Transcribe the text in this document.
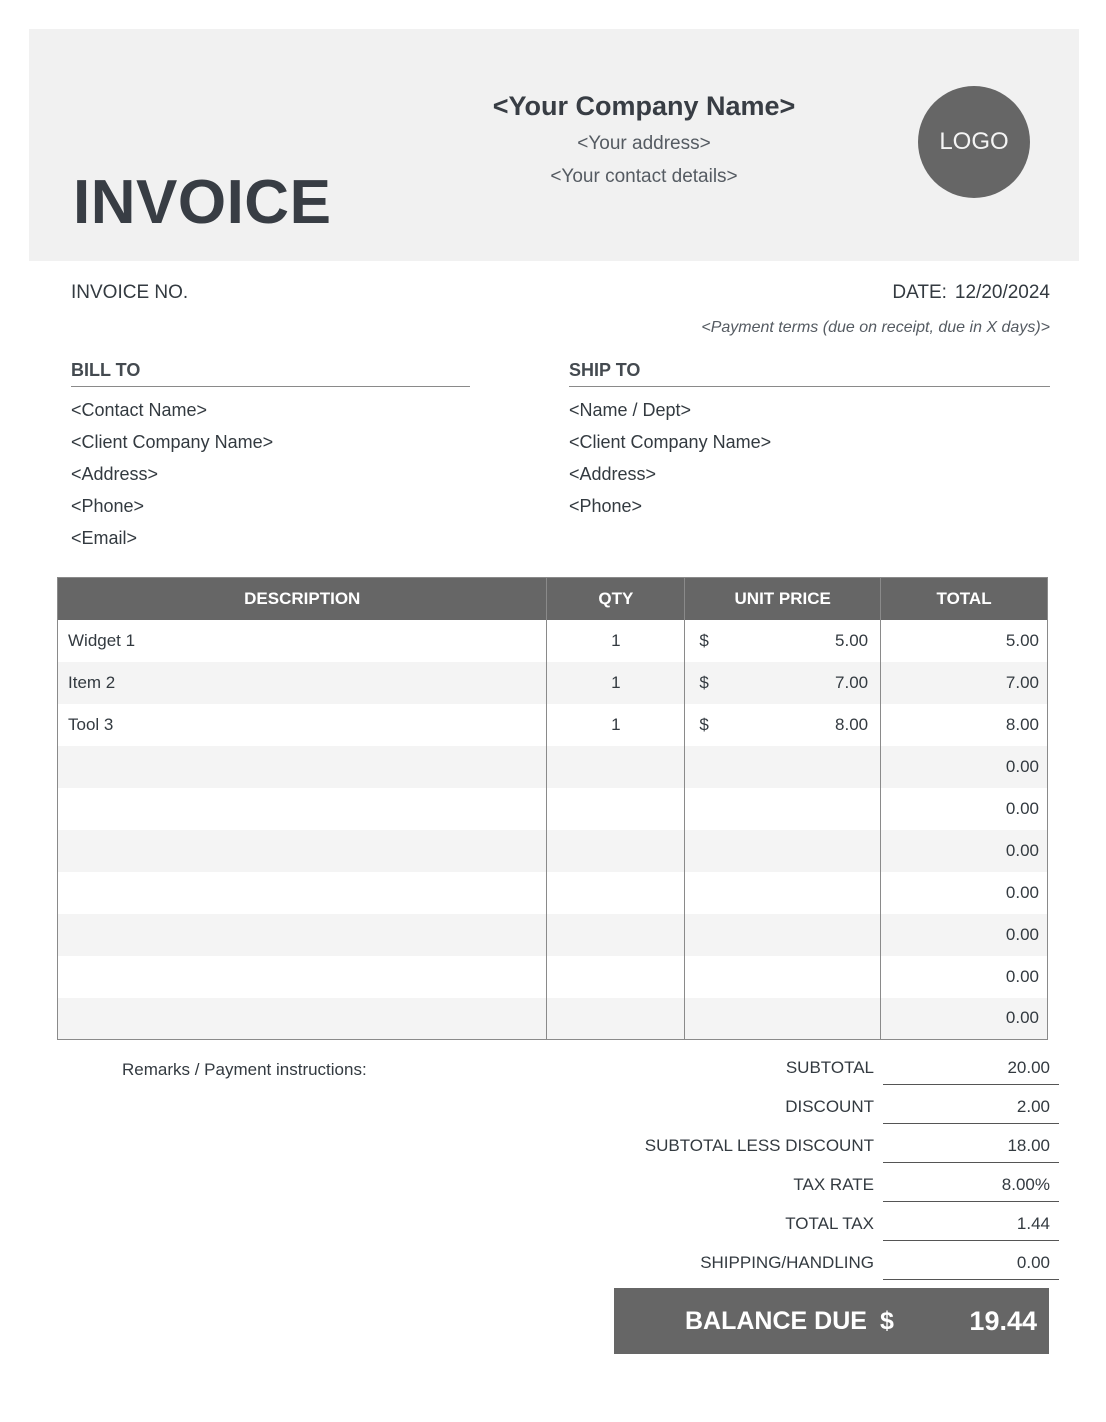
INVOICE
<Your Company Name>
<Your address>
<Your contact details>
LOGO
INVOICE NO.	DATE: 12/20/2024
<Payment terms (due on receipt, due in X days)>
BILL TO
<Contact Name>
<Client Company Name>
<Address>
<Phone>
<Email>
SHIP TO
<Name / Dept>
<Client Company Name>
<Address>
<Phone>
DESCRIPTION	QTY	UNIT PRICE	TOTAL
Widget 1	1	$ 5.00	5.00
Item 2	1	$ 7.00	7.00
Tool 3	1	$ 8.00	8.00
			0.00
			0.00
			0.00
			0.00
			0.00
			0.00
			0.00
Remarks / Payment instructions:	SUBTOTAL	20.00
DISCOUNT	2.00
SUBTOTAL LESS DISCOUNT	18.00
TAX RATE	8.00%
TOTAL TAX	1.44
SHIPPING/HANDLING	0.00
BALANCE DUE $	19.44
